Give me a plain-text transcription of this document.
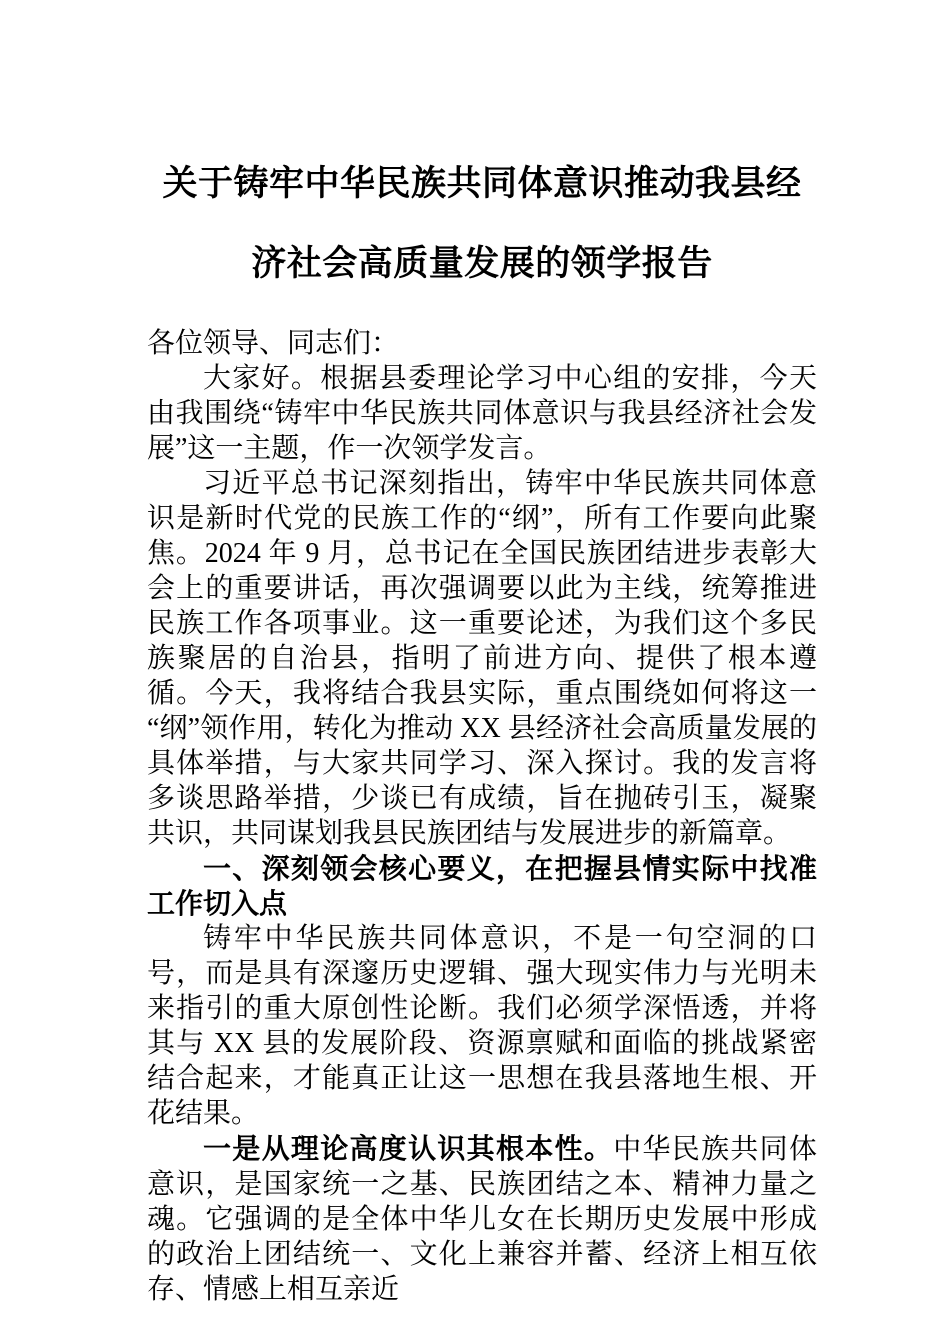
关于铸牢中华民族共同体意识推动我县经
济社会高质量发展的领学报告

各位领导、同志们：

大家好。根据县委理论学习中心组的安排，今天由我围绕“铸牢中华民族共同体意识与我县经济社会发展”这一主题，作一次领学发言。

习近平总书记深刻指出，铸牢中华民族共同体意识是新时代党的民族工作的“纲”，所有工作要向此聚焦。2024 年 9 月，总书记在全国民族团结进步表彰大会上的重要讲话，再次强调要以此为主线，统筹推进民族工作各项事业。这一重要论述，为我们这个多民族聚居的自治县，指明了前进方向、提供了根本遵循。今天，我将结合我县实际，重点围绕如何将这一“纲”领作用，转化为推动 XX 县经济社会高质量发展的具体举措，与大家共同学习、深入探讨。我的发言将多谈思路举措，少谈已有成绩，旨在抛砖引玉，凝聚共识，共同谋划我县民族团结与发展进步的新篇章。

一、深刻领会核心要义，在把握县情实际中找准工作切入点

铸牢中华民族共同体意识，不是一句空洞的口号，而是具有深邃历史逻辑、强大现实伟力与光明未来指引的重大原创性论断。我们必须学深悟透，并将其与 XX 县的发展阶段、资源禀赋和面临的挑战紧密结合起来，才能真正让这一思想在我县落地生根、开花结果。

一是从理论高度认识其根本性。中华民族共同体意识，是国家统一之基、民族团结之本、精神力量之魂。它强调的是全体中华儿女在长期历史发展中形成的政治上团结统一、文化上兼容并蓄、经济上相互依存、情感上相互亲近
